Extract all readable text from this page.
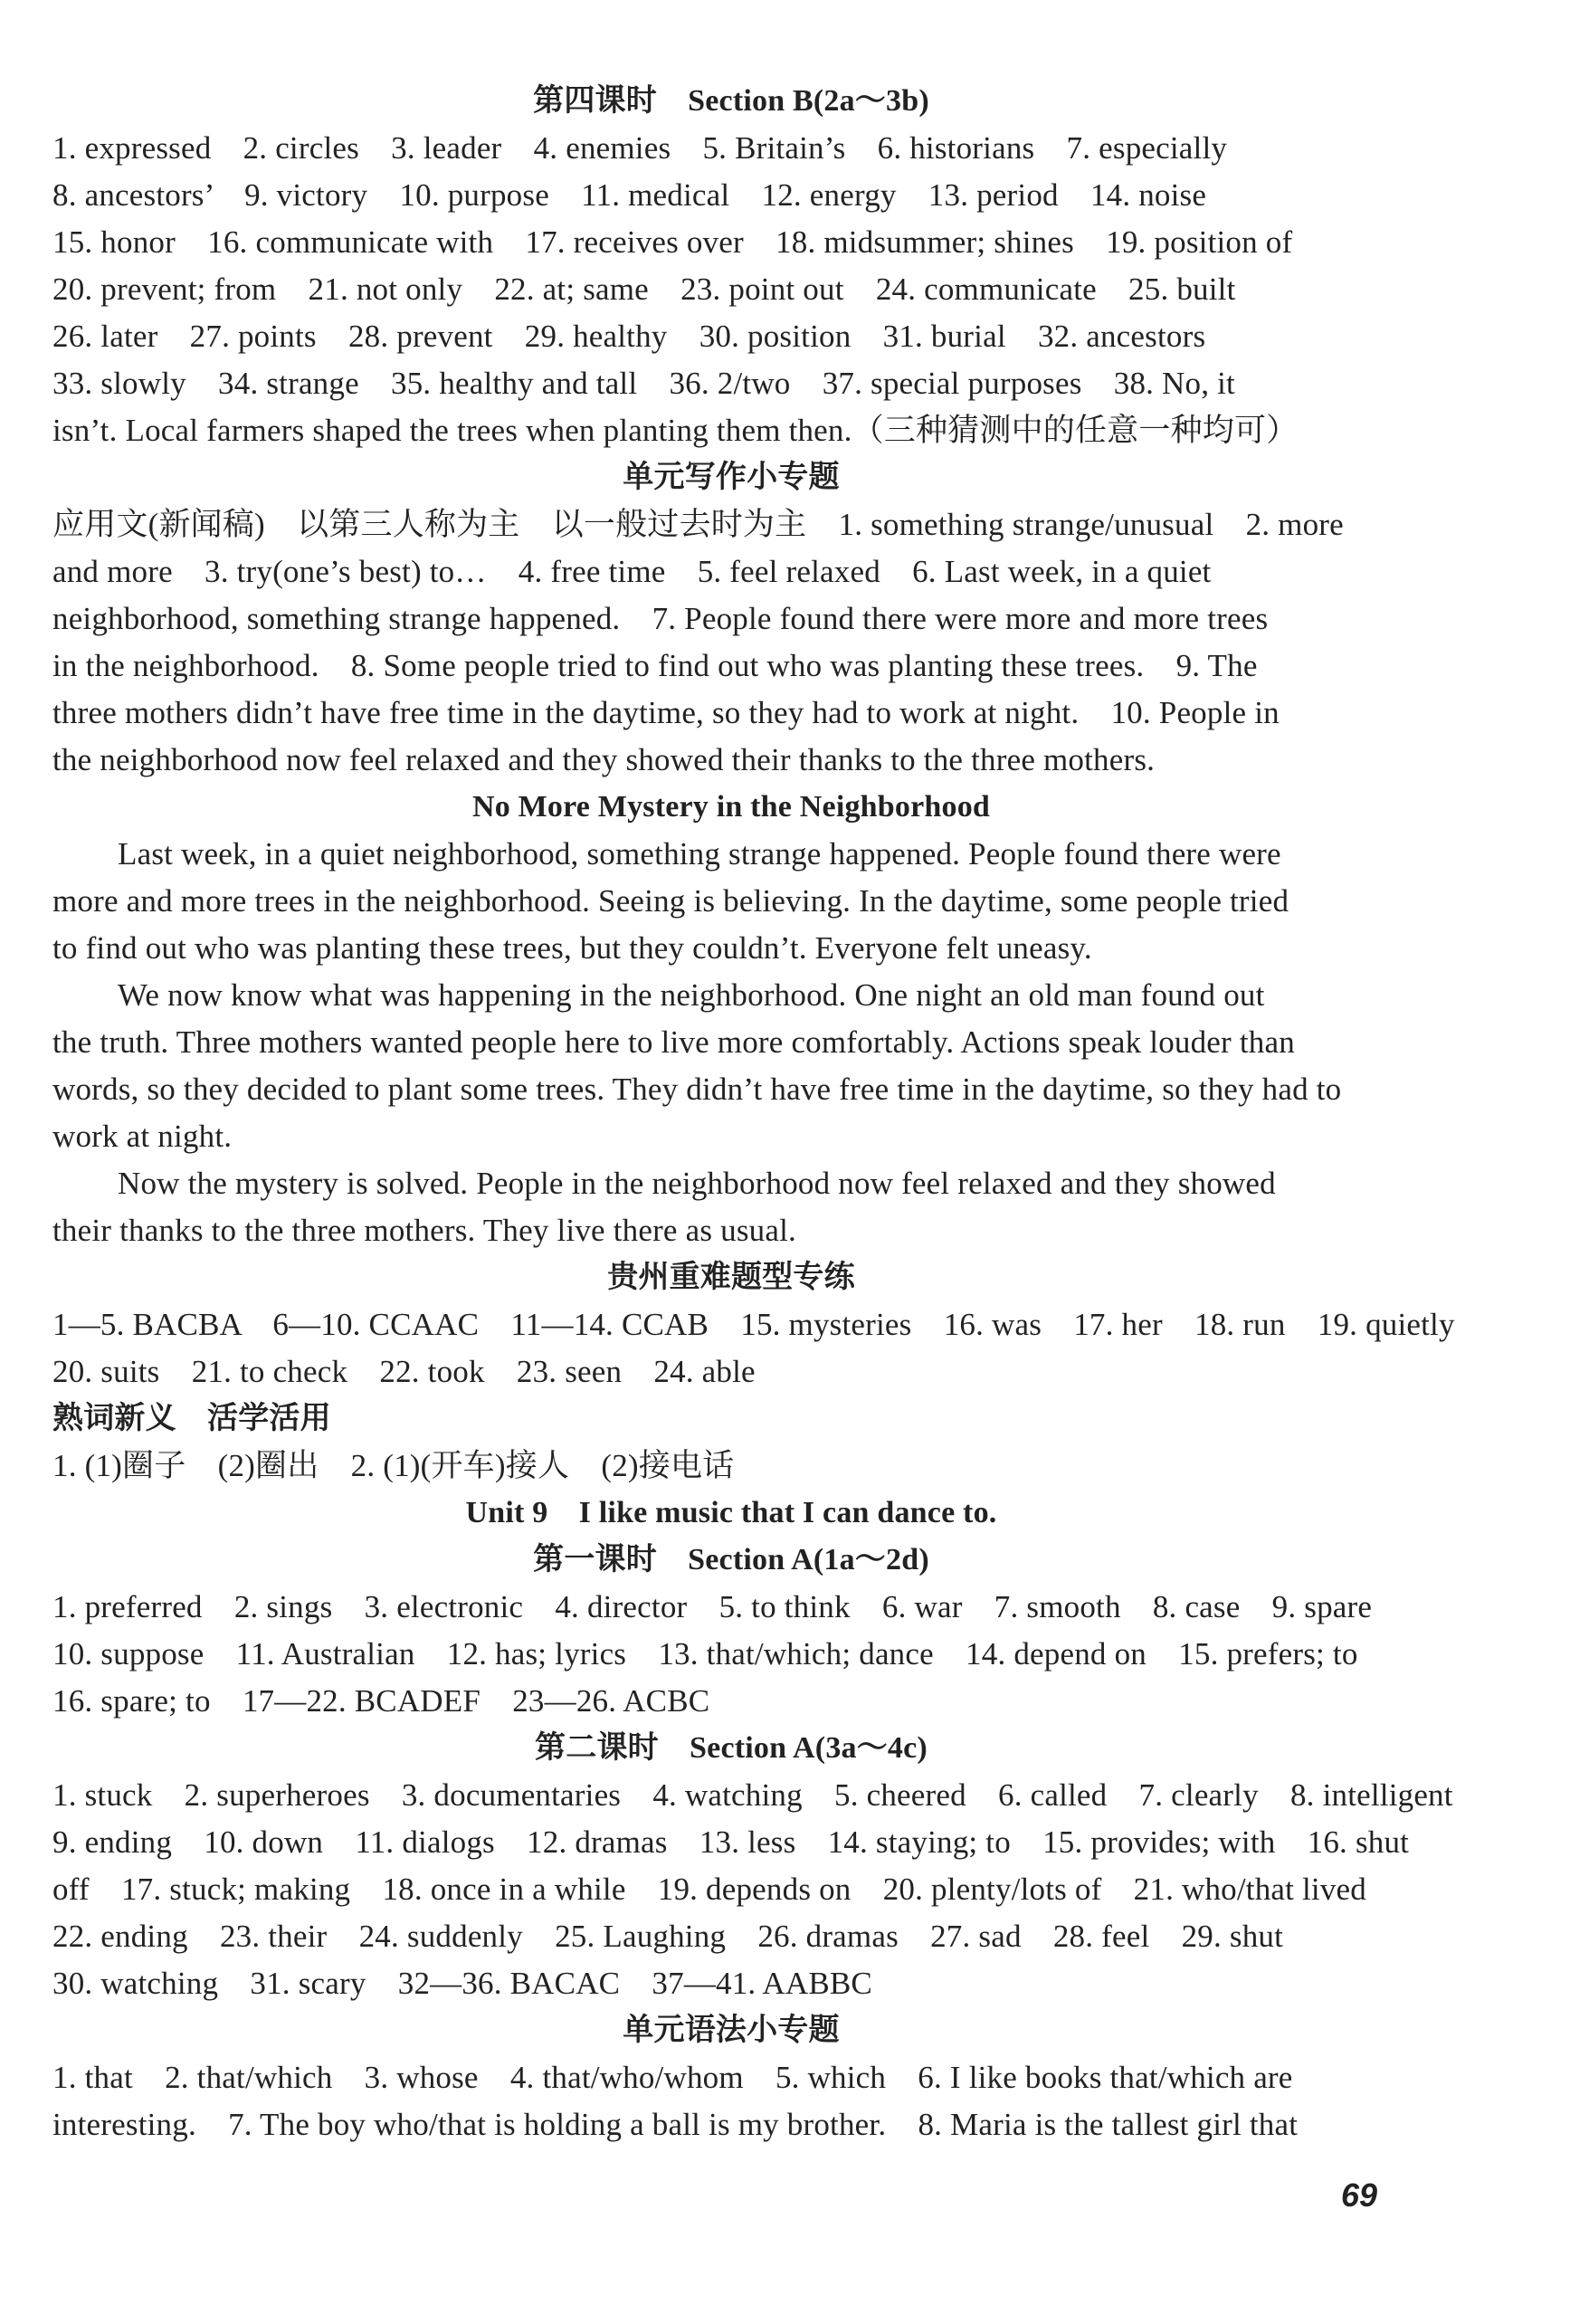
第四课时　Section B(2a～3b)
1. expressed　2. circles　3. leader　4. enemies　5. Britain’s　6. historians　7. especially
8. ancestors’　9. victory　10. purpose　11. medical　12. energy　13. period　14. noise
15. honor　16. communicate with　17. receives over　18. midsummer; shines　19. position of
20. prevent; from　21. not only　22. at; same　23. point out　24. communicate　25. built
26. later　27. points　28. prevent　29. healthy　30. position　31. burial　32. ancestors
33. slowly　34. strange　35. healthy and tall　36. 2/two　37. special purposes　38. No, it
isn’t. Local farmers shaped the trees when planting them then.（三种猜测中的任意一种均可）
单元写作小专题
应用文(新闻稿)　以第三人称为主　以一般过去时为主　1. something strange/unusual　2. more
and more　3. try(one’s best) to…　4. free time　5. feel relaxed　6. Last week, in a quiet
neighborhood, something strange happened.　7. People found there were more and more trees
in the neighborhood.　8. Some people tried to find out who was planting these trees.　9. The
three mothers didn’t have free time in the daytime, so they had to work at night.　10. People in
the neighborhood now feel relaxed and they showed their thanks to the three mothers.
No More Mystery in the Neighborhood
Last week, in a quiet neighborhood, something strange happened. People found there were
more and more trees in the neighborhood. Seeing is believing. In the daytime, some people tried
to find out who was planting these trees, but they couldn’t. Everyone felt uneasy.
We now know what was happening in the neighborhood. One night an old man found out
the truth. Three mothers wanted people here to live more comfortably. Actions speak louder than
words, so they decided to plant some trees. They didn’t have free time in the daytime, so they had to
work at night.
Now the mystery is solved. People in the neighborhood now feel relaxed and they showed
their thanks to the three mothers. They live there as usual.
贵州重难题型专练
1—5. BACBA　6—10. CCAAC　11—14. CCAB　15. mysteries　16. was　17. her　18. run　19. quietly
20. suits　21. to check　22. took　23. seen　24. able
熟词新义　活学活用
1. (1)圈子　(2)圈出　2. (1)(开车)接人　(2)接电话
Unit 9　I like music that I can dance to.
第一课时　Section A(1a～2d)
1. preferred　2. sings　3. electronic　4. director　5. to think　6. war　7. smooth　8. case　9. spare
10. suppose　11. Australian　12. has; lyrics　13. that/which; dance　14. depend on　15. prefers; to
16. spare; to　17—22. BCADEF　23—26. ACBC
第二课时　Section A(3a～4c)
1. stuck　2. superheroes　3. documentaries　4. watching　5. cheered　6. called　7. clearly　8. intelligent
9. ending　10. down　11. dialogs　12. dramas　13. less　14. staying; to　15. provides; with　16. shut
off　17. stuck; making　18. once in a while　19. depends on　20. plenty/lots of　21. who/that lived
22. ending　23. their　24. suddenly　25. Laughing　26. dramas　27. sad　28. feel　29. shut
30. watching　31. scary　32—36. BACAC　37—41. AABBC
单元语法小专题
1. that　2. that/which　3. whose　4. that/who/whom　5. which　6. I like books that/which are
interesting.　7. The boy who/that is holding a ball is my brother.　8. Maria is the tallest girl that
69
